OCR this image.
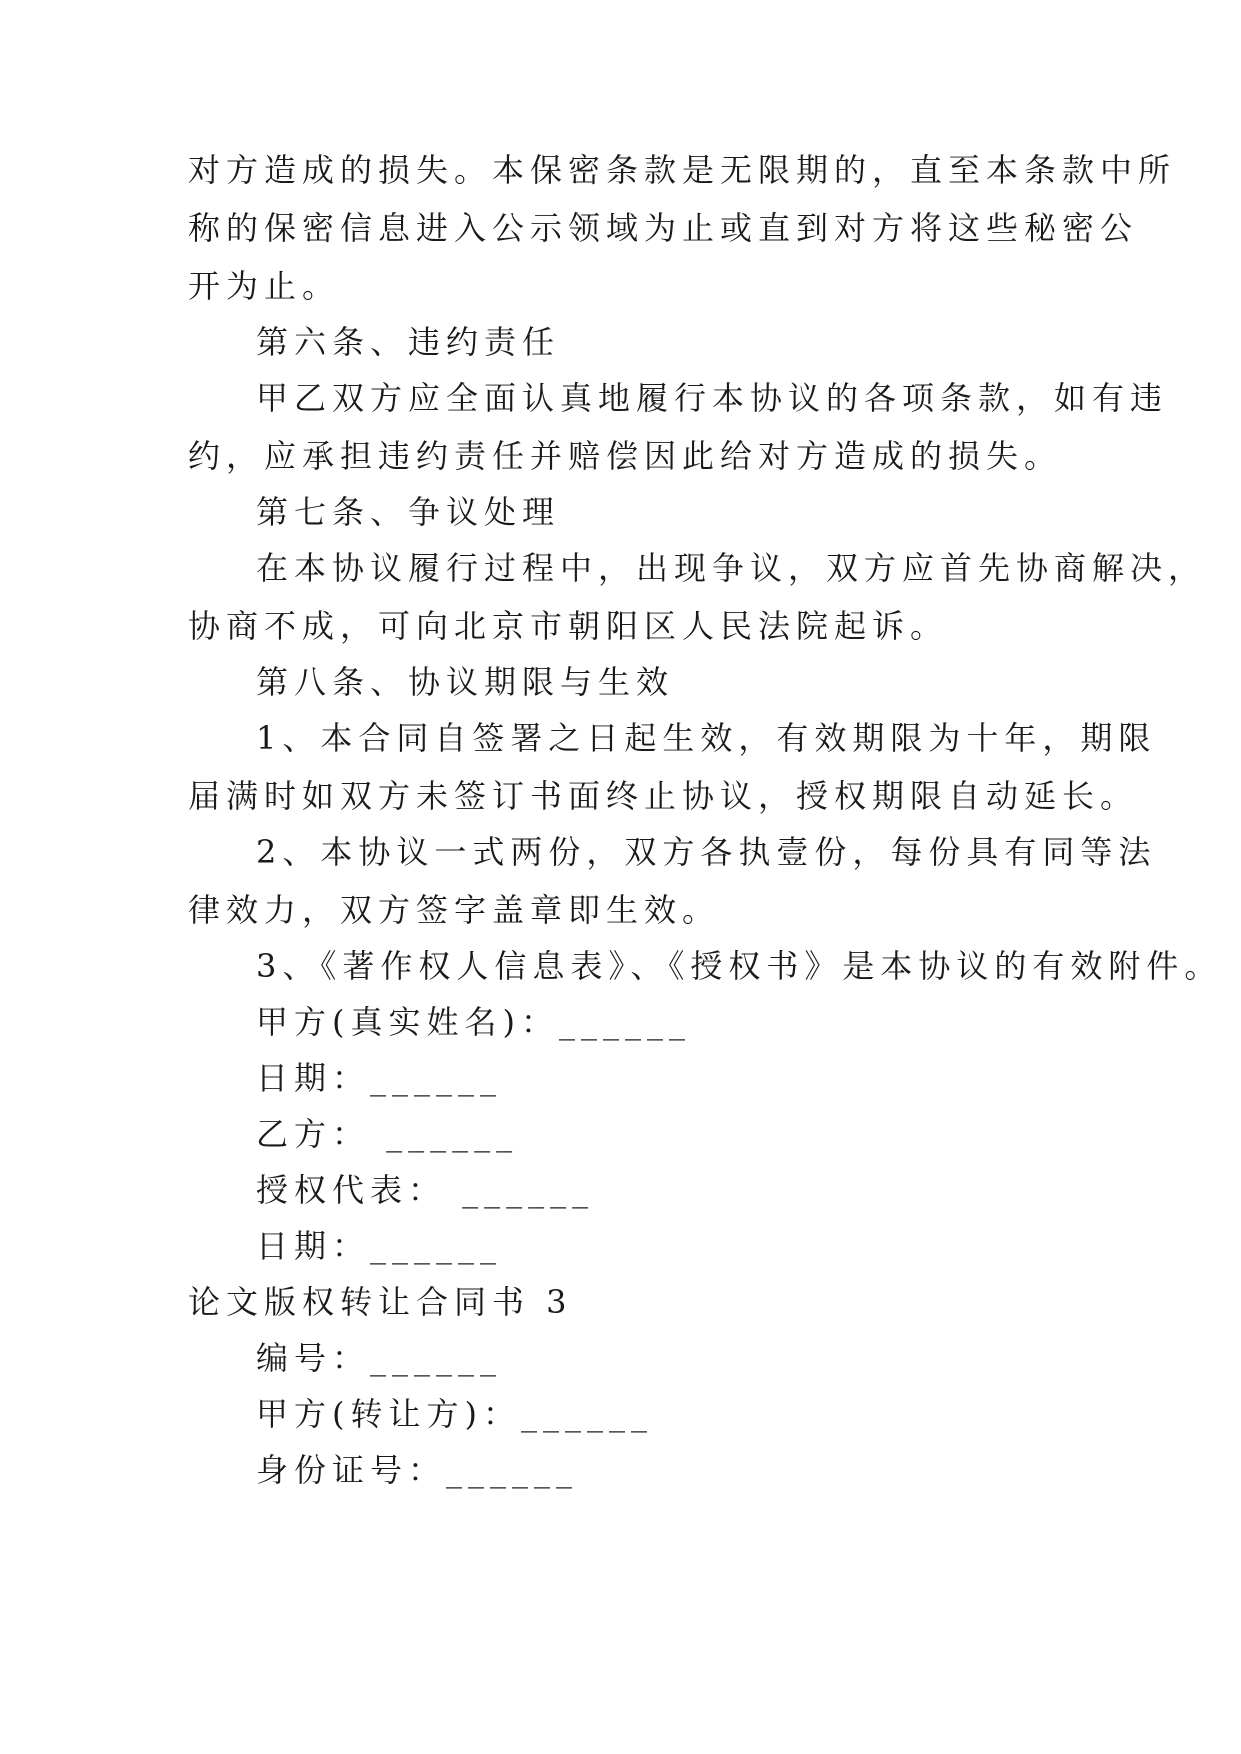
对方造成的损失。本保密条款是无限期的，直至本条款中所
称的保密信息进入公示领域为止或直到对方将这些秘密公
开为止。
第六条、违约责任
甲乙双方应全面认真地履行本协议的各项条款，如有违
约，应承担违约责任并赔偿因此给对方造成的损失。
第七条、争议处理
在本协议履行过程中，出现争议，双方应首先协商解决，
协商不成，可向北京市朝阳区人民法院起诉。
第八条、协议期限与生效
1、本合同自签署之日起生效，有效期限为十年，期限
届满时如双方未签订书面终止协议，授权期限自动延长。
2、本协议一式两份，双方各执壹份，每份具有同等法
律效力，双方签字盖章即生效。
3、《著作权人信息表》、《授权书》是本协议的有效附件。
甲方(真实姓名)：______
日期：______
乙方： ______
授权代表： ______
日期：______
论文版权转让合同书 3
编号：______
甲方(转让方)：______
身份证号：______
